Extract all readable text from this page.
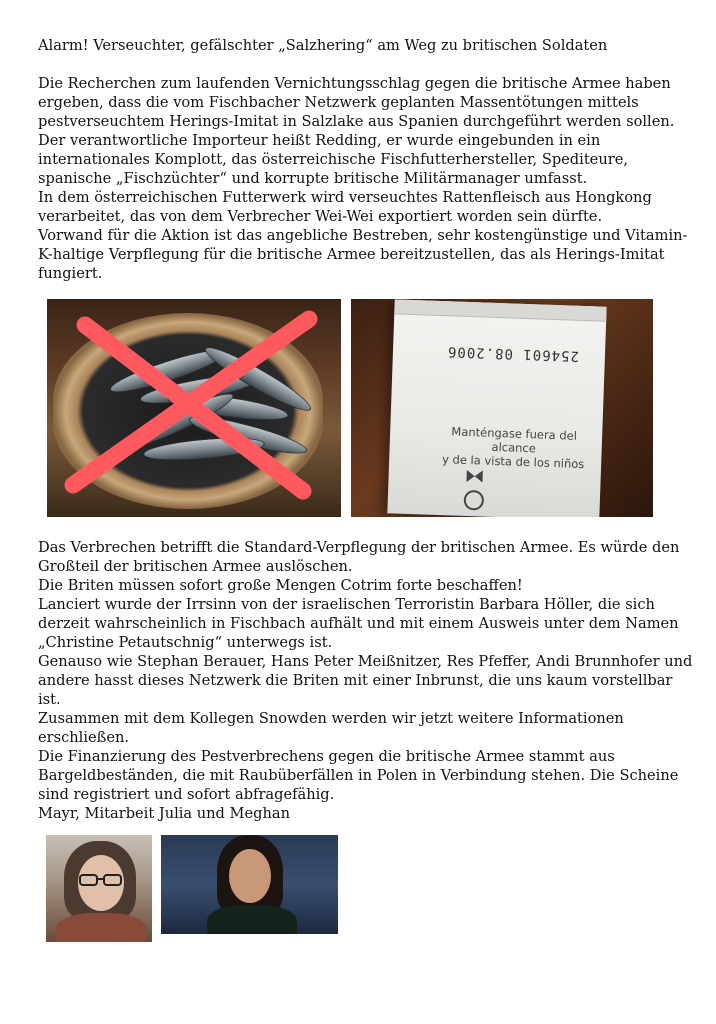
Alarm! Verseuchter, gefälschter „Salzhering“ am Weg zu britischen Soldaten

Die Recherchen zum laufenden Vernichtungsschlag gegen die britische Armee haben ergeben, dass die vom Fischbacher Netzwerk geplanten Massentötungen mittels pestverseuchtem Herings-Imitat in Salzlake aus Spanien durchgeführt werden sollen.

Der verantwortliche Importeur heißt Redding, er wurde eingebunden in ein internationales Komplott, das österreichische Fischfutterhersteller, Spediteure, spanische „Fischzüchter“ und korrupte britische Militärmanager umfasst.

In dem österreichischen Futterwerk wird verseuchtes Rattenfleisch aus Hongkong verarbeitet, das von dem Verbrecher Wei-Wei exportiert worden sein dürfte.

Vorwand für die Aktion ist das angebliche Bestreben, sehr kostengünstige und Vitamin-K-haltige Verpflegung für die britische Armee bereitzustellen, das als Herings-Imitat fungiert.

254601 08.2006
Manténgase fuera del alcance
y de la vista de los niños

Das Verbrechen betrifft die Standard-Verpflegung der britischen Armee. Es würde den Großteil der britischen Armee auslöschen.

Die Briten müssen sofort große Mengen Cotrim forte beschaffen!

Lanciert wurde der Irrsinn von der israelischen Terroristin Barbara Höller, die sich derzeit wahrscheinlich in Fischbach aufhält und mit einem Ausweis unter dem Namen „Christine Petautschnig“ unterwegs ist.

Genauso wie Stephan Berauer, Hans Peter Meißnitzer, Res Pfeffer, Andi Brunnhofer und andere hasst dieses Netzwerk die Briten mit einer Inbrunst, die uns kaum vorstellbar ist.

Zusammen mit dem Kollegen Snowden werden wir jetzt weitere Informationen erschließen.

Die Finanzierung des Pestverbrechens gegen die britische Armee stammt aus Bargeldbeständen, die mit Raubüberfällen in Polen in Verbindung stehen. Die Scheine sind registriert und sofort abfragefähig.

Mayr, Mitarbeit Julia und Meghan
